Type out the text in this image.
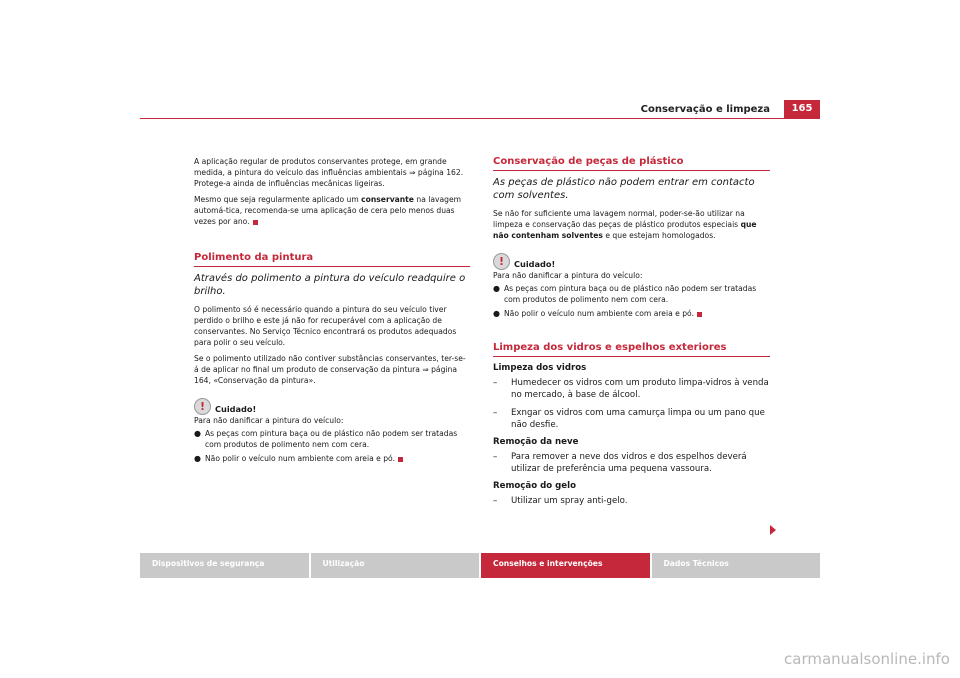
Conservação e limpeza	165

A aplicação regular de produtos conservantes protege, em grande medida, a pintura do veículo das influências ambientais ⇒ página 162. Protege-a ainda de influências mecânicas ligeiras.

Mesmo que seja regularmente aplicado um conservante na lavagem automá-tica, recomenda-se uma aplicação de cera pelo menos duas vezes por ano.

Polimento da pintura
Através do polimento a pintura do veículo readquire o brilho.

O polimento só é necessário quando a pintura do seu veículo tiver perdido o brilho e este já não for recuperável com a aplicação de conservantes. No Serviço Técnico encontrará os produtos adequados para polir o seu veículo.

Se o polimento utilizado não contiver substâncias conservantes, ter-se-á de aplicar no final um produto de conservação da pintura ⇒ página 164, «Conservação da pintura».

!	Cuidado!

Para não danificar a pintura do veículo:

● As peças com pintura baça ou de plástico não podem ser tratadas com produtos de polimento nem com cera.
● Não polir o veículo num ambiente com areia e pó.
Conservação de peças de plástico
As peças de plástico não podem entrar em contacto com solventes.

Se não for suficiente uma lavagem normal, poder-se-ão utilizar na limpeza e conservação das peças de plástico produtos especiais que não contenham solventes e que estejam homologados.

!	Cuidado!

Para não danificar a pintura do veículo:

● As peças com pintura baça ou de plástico não podem ser tratadas com produtos de polimento nem com cera.
● Não polir o veículo num ambiente com areia e pó.
Limpeza dos vidros e espelhos exteriores
Limpeza dos vidros
–	Humedecer os vidros com um produto limpa-vidros à venda no mercado, à base de álcool.
–	Exngar os vidros com uma camurça limpa ou um pano que não desfie.
Remoção da neve
–	Para remover a neve dos vidros e dos espelhos deverá utilizar de preferência uma pequena vassoura.
Remoção do gelo
–	Utilizar um spray anti-gelo.
Dispositivos de segurança	Utilização	Conselhos e intervenções	Dados Técnicos
carmanualsonline.info
